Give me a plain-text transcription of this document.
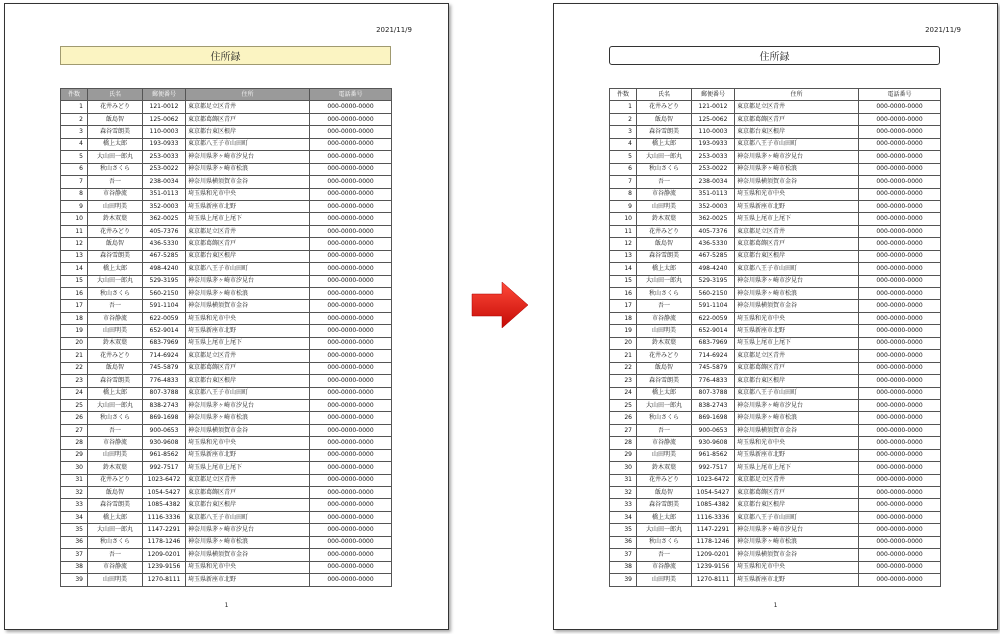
2021/11/9
住所録
件数	氏名	郵便番号	住所	電話番号
1	花井みどり	121-0012	東京都足立区青井	000-0000-0000
2	飯島智	125-0062	東京都葛飾区青戸	000-0000-0000
3	森谷雪朗美	110-0003	東京都台東区根岸	000-0000-0000
4	橋上太郎	193-0933	東京都八王子市山田町	000-0000-0000
5	大山田一郎丸	253-0033	神奈川県茅ヶ崎市汐見台	000-0000-0000
6	秋山さくら	253-0022	神奈川県茅ヶ崎市松浪	000-0000-0000
7	吾一	238-0034	神奈川県横須賀市金谷	000-0000-0000
8	市谷静流	351-0113	埼玉県和光市中央	000-0000-0000
9	山田明美	352-0003	埼玉県新座市北野	000-0000-0000
10	鈴木双葉	362-0025	埼玉県上尾市上尾下	000-0000-0000
11	花井みどり	405-7376	東京都足立区青井	000-0000-0000
12	飯島智	436-5330	東京都葛飾区青戸	000-0000-0000
13	森谷雪朗美	467-5285	東京都台東区根岸	000-0000-0000
14	橋上太郎	498-4240	東京都八王子市山田町	000-0000-0000
15	大山田一郎丸	529-3195	神奈川県茅ヶ崎市汐見台	000-0000-0000
16	秋山さくら	560-2150	神奈川県茅ヶ崎市松浪	000-0000-0000
17	吾一	591-1104	神奈川県横須賀市金谷	000-0000-0000
18	市谷静流	622-0059	埼玉県和光市中央	000-0000-0000
19	山田明美	652-9014	埼玉県新座市北野	000-0000-0000
20	鈴木双葉	683-7969	埼玉県上尾市上尾下	000-0000-0000
21	花井みどり	714-6924	東京都足立区青井	000-0000-0000
22	飯島智	745-5879	東京都葛飾区青戸	000-0000-0000
23	森谷雪朗美	776-4833	東京都台東区根岸	000-0000-0000
24	橋上太郎	807-3788	東京都八王子市山田町	000-0000-0000
25	大山田一郎丸	838-2743	神奈川県茅ヶ崎市汐見台	000-0000-0000
26	秋山さくら	869-1698	神奈川県茅ヶ崎市松浪	000-0000-0000
27	吾一	900-0653	神奈川県横須賀市金谷	000-0000-0000
28	市谷静流	930-9608	埼玉県和光市中央	000-0000-0000
29	山田明美	961-8562	埼玉県新座市北野	000-0000-0000
30	鈴木双葉	992-7517	埼玉県上尾市上尾下	000-0000-0000
31	花井みどり	1023-6472	東京都足立区青井	000-0000-0000
32	飯島智	1054-5427	東京都葛飾区青戸	000-0000-0000
33	森谷雪朗美	1085-4382	東京都台東区根岸	000-0000-0000
34	橋上太郎	1116-3336	東京都八王子市山田町	000-0000-0000
35	大山田一郎丸	1147-2291	神奈川県茅ヶ崎市汐見台	000-0000-0000
36	秋山さくら	1178-1246	神奈川県茅ヶ崎市松浪	000-0000-0000
37	吾一	1209-0201	神奈川県横須賀市金谷	000-0000-0000
38	市谷静流	1239-9156	埼玉県和光市中央	000-0000-0000
39	山田明美	1270-8111	埼玉県新座市北野	000-0000-0000
1
2021/11/9
住所録
件数	氏名	郵便番号	住所	電話番号
1	花井みどり	121-0012	東京都足立区青井	000-0000-0000
2	飯島智	125-0062	東京都葛飾区青戸	000-0000-0000
3	森谷雪朗美	110-0003	東京都台東区根岸	000-0000-0000
4	橋上太郎	193-0933	東京都八王子市山田町	000-0000-0000
5	大山田一郎丸	253-0033	神奈川県茅ヶ崎市汐見台	000-0000-0000
6	秋山さくら	253-0022	神奈川県茅ヶ崎市松浪	000-0000-0000
7	吾一	238-0034	神奈川県横須賀市金谷	000-0000-0000
8	市谷静流	351-0113	埼玉県和光市中央	000-0000-0000
9	山田明美	352-0003	埼玉県新座市北野	000-0000-0000
10	鈴木双葉	362-0025	埼玉県上尾市上尾下	000-0000-0000
11	花井みどり	405-7376	東京都足立区青井	000-0000-0000
12	飯島智	436-5330	東京都葛飾区青戸	000-0000-0000
13	森谷雪朗美	467-5285	東京都台東区根岸	000-0000-0000
14	橋上太郎	498-4240	東京都八王子市山田町	000-0000-0000
15	大山田一郎丸	529-3195	神奈川県茅ヶ崎市汐見台	000-0000-0000
16	秋山さくら	560-2150	神奈川県茅ヶ崎市松浪	000-0000-0000
17	吾一	591-1104	神奈川県横須賀市金谷	000-0000-0000
18	市谷静流	622-0059	埼玉県和光市中央	000-0000-0000
19	山田明美	652-9014	埼玉県新座市北野	000-0000-0000
20	鈴木双葉	683-7969	埼玉県上尾市上尾下	000-0000-0000
21	花井みどり	714-6924	東京都足立区青井	000-0000-0000
22	飯島智	745-5879	東京都葛飾区青戸	000-0000-0000
23	森谷雪朗美	776-4833	東京都台東区根岸	000-0000-0000
24	橋上太郎	807-3788	東京都八王子市山田町	000-0000-0000
25	大山田一郎丸	838-2743	神奈川県茅ヶ崎市汐見台	000-0000-0000
26	秋山さくら	869-1698	神奈川県茅ヶ崎市松浪	000-0000-0000
27	吾一	900-0653	神奈川県横須賀市金谷	000-0000-0000
28	市谷静流	930-9608	埼玉県和光市中央	000-0000-0000
29	山田明美	961-8562	埼玉県新座市北野	000-0000-0000
30	鈴木双葉	992-7517	埼玉県上尾市上尾下	000-0000-0000
31	花井みどり	1023-6472	東京都足立区青井	000-0000-0000
32	飯島智	1054-5427	東京都葛飾区青戸	000-0000-0000
33	森谷雪朗美	1085-4382	東京都台東区根岸	000-0000-0000
34	橋上太郎	1116-3336	東京都八王子市山田町	000-0000-0000
35	大山田一郎丸	1147-2291	神奈川県茅ヶ崎市汐見台	000-0000-0000
36	秋山さくら	1178-1246	神奈川県茅ヶ崎市松浪	000-0000-0000
37	吾一	1209-0201	神奈川県横須賀市金谷	000-0000-0000
38	市谷静流	1239-9156	埼玉県和光市中央	000-0000-0000
39	山田明美	1270-8111	埼玉県新座市北野	000-0000-0000
1
